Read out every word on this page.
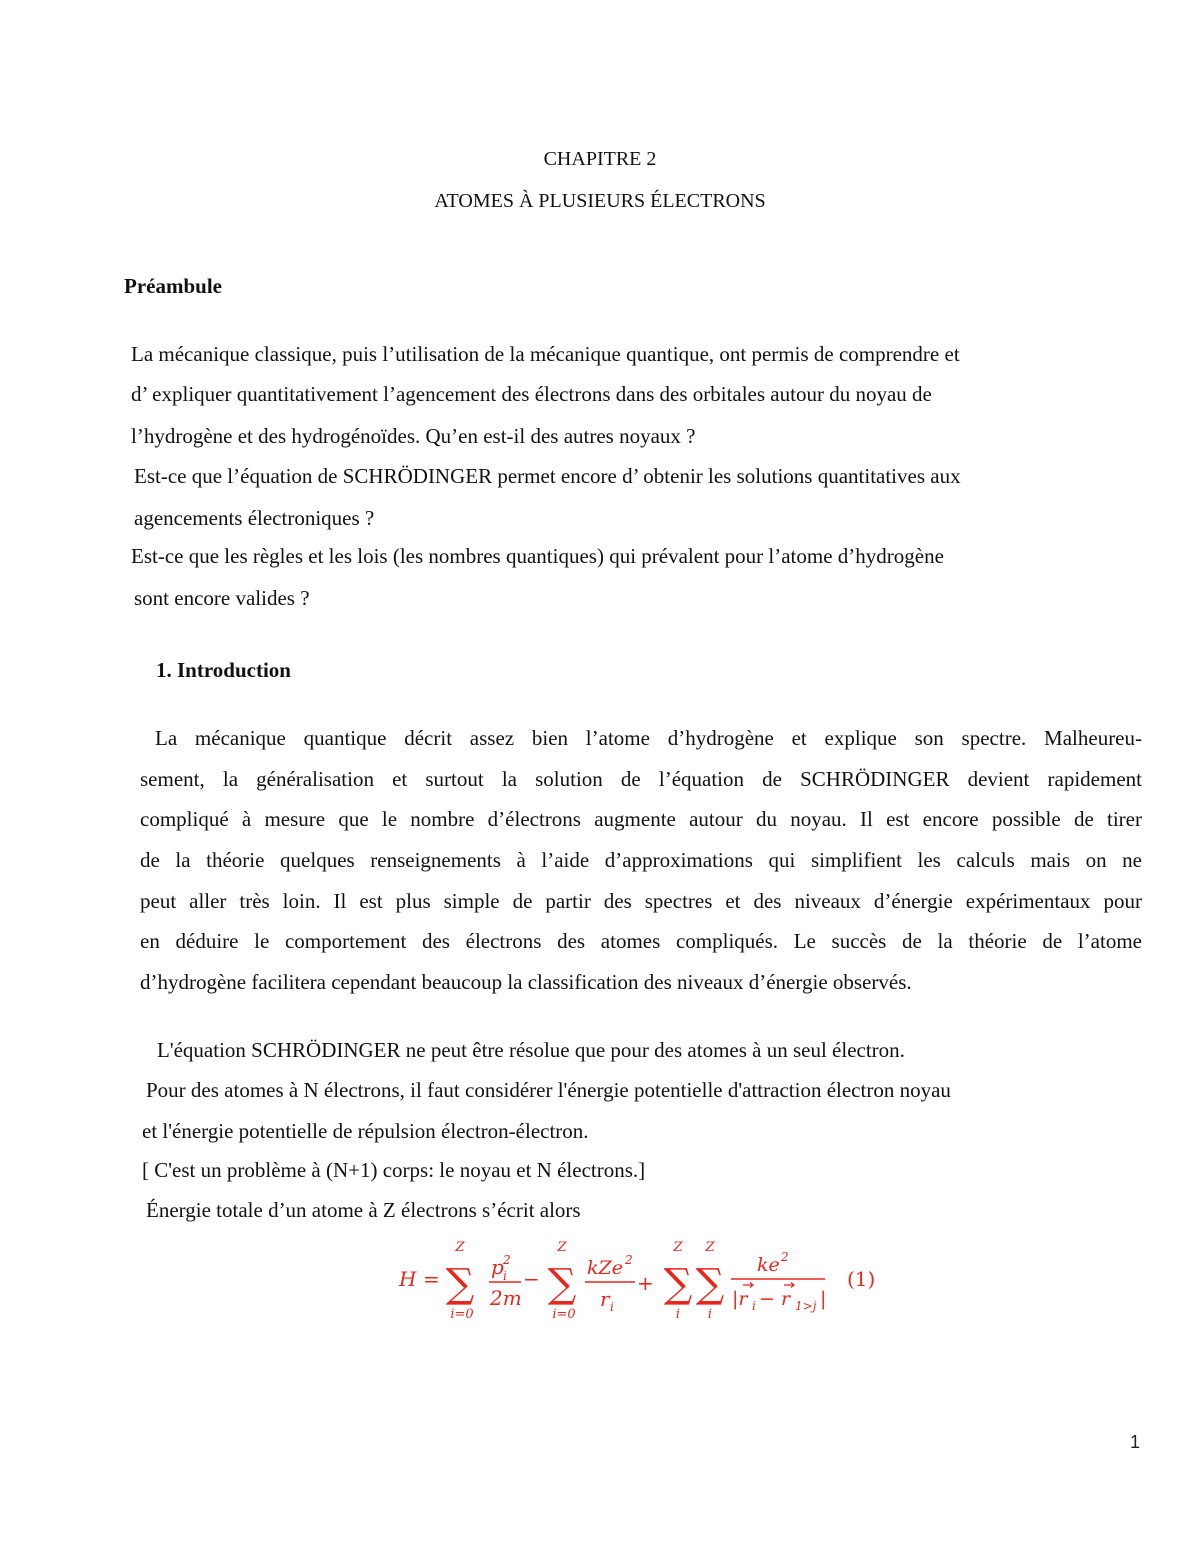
CHAPITRE 2
ATOMES À PLUSIEURS ÉLECTRONS
Préambule
La mécanique classique, puis l’utilisation de la mécanique quantique, ont permis de comprendre et
d’ expliquer quantitativement l’agencement des électrons dans des orbitales autour du noyau de
l’hydrogène et des hydrogénoïdes. Qu’en est-il des autres noyaux ?
Est-ce que l’équation de SCHRÖDINGER permet encore d’ obtenir les solutions quantitatives aux
agencements électroniques ?
Est-ce que les règles et les lois (les nombres quantiques) qui prévalent pour l’atome d’hydrogène
sont encore valides ?
1. Introduction
La mécanique quantique décrit assez bien l’atome d’hydrogène et explique son spectre. Malheureu-
sement, la généralisation et surtout la solution de l’équation de SCHRÖDINGER devient rapidement
compliqué à mesure que le nombre d’électrons augmente autour du noyau. Il est encore possible de tirer
de la théorie quelques renseignements à l’aide d’approximations qui simplifient les calculs mais on ne
peut aller très loin. Il est plus simple de partir des spectres et des niveaux d’énergie expérimentaux pour
en déduire le comportement des électrons des atomes compliqués. Le succès de la théorie de l’atome
d’hydrogène facilitera cependant beaucoup la classification des niveaux d’énergie observés.
L'équation SCHRÖDINGER ne peut être résolue que pour des atomes à un seul électron.
Pour des atomes à N électrons, il faut considérer l'énergie potentielle d'attraction électron noyau
et l'énergie potentielle de répulsion électron-électron.
[ C'est un problème à (N+1) corps: le noyau et N électrons.]
Énergie totale d’un atome à Z électrons s’écrit alors
H =
Z
∑
i=0
p 2
i
2m
−
Z
∑
i=0
kZe 2
r i
+
Z
∑
i
Z
∑
i
ke 2
|r i − r 1>j |
(1)
1
